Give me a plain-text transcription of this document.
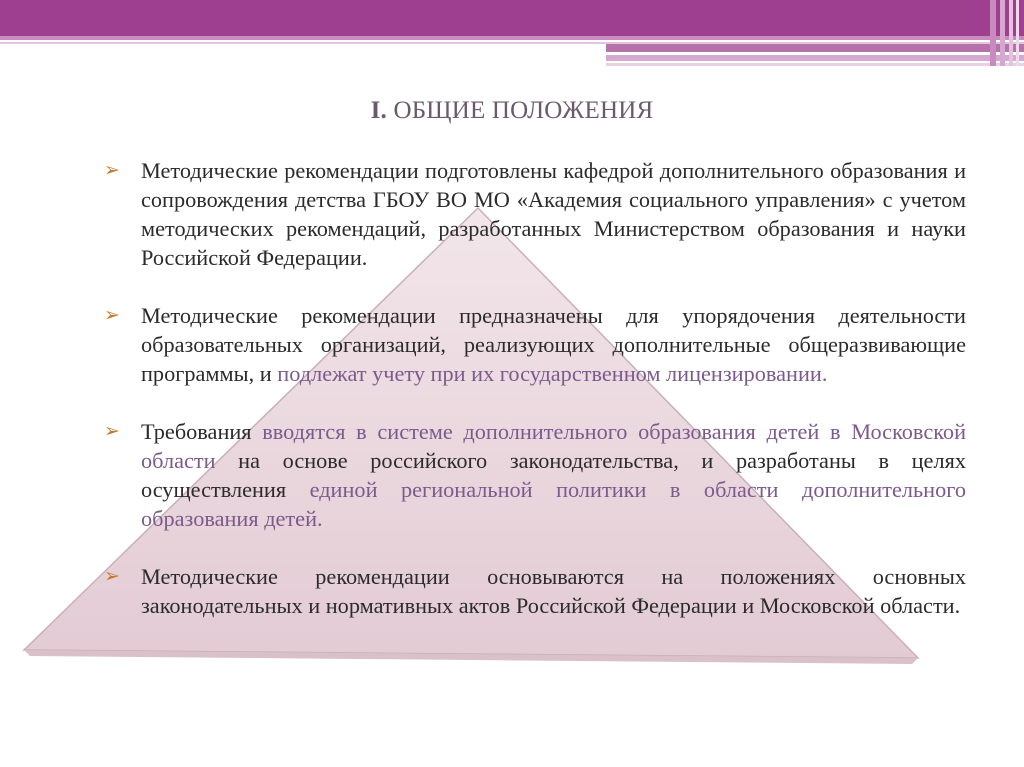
I. ОБЩИЕ ПОЛОЖЕНИЯ

➢ Методические рекомендации подготовлены кафедрой дополнительного образования и сопровождения детства ГБОУ ВО МО «Академия социального управления» с учетом методических рекомендаций, разработанных Министерством образования и науки Российской Федерации.

➢ Методические рекомендации предназначены для упорядочения деятельности образовательных организаций, реализующих дополнительные общеразвивающие программы, и подлежат учету при их государственном лицензировании.

➢ Требования вводятся в системе дополнительного образования детей в Московской области на основе российского законодательства, и разработаны в целях осуществления единой региональной политики в области дополнительного образования детей.

➢ Методические рекомендации основываются на положениях основных законодательных и нормативных актов Российской Федерации и Московской области.
